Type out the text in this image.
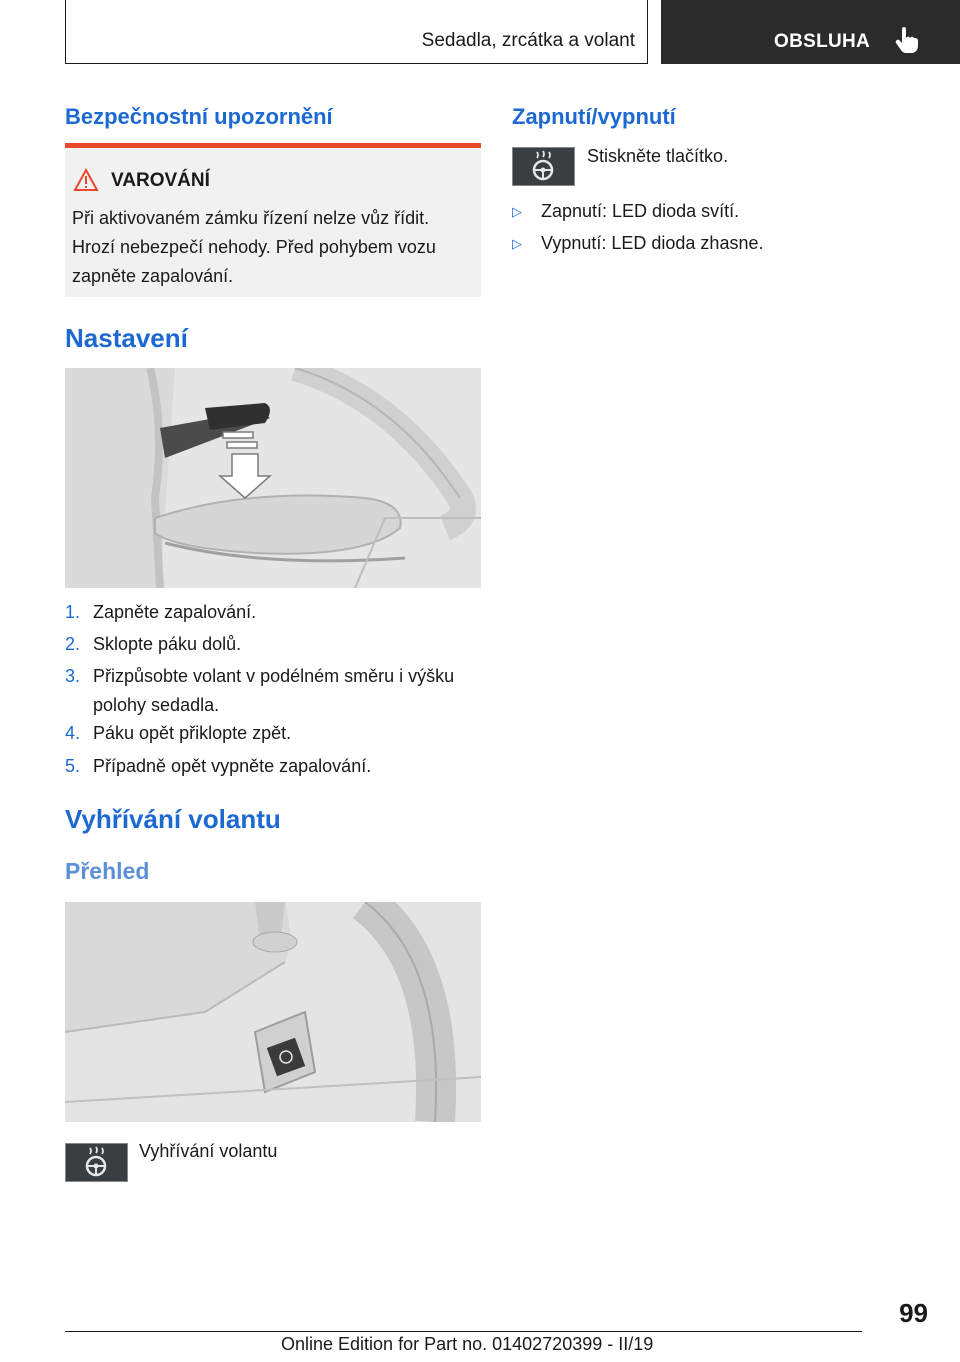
Sedadla, zrcátka a volant	OBSLUHA
Bezpečnostní upozornění
VAROVÁNÍ

Při aktivovaném zámku řízení nelze vůz řídit. Hrozí nebezpečí nehody. Před pohybem vozu zapněte zapalování.

Nastavení
1. Zapněte zapalování.
2. Sklopte páku dolů.
3. Přizpůsobte volant v podélném směru i výšku polohy sedadla.
4. Páku opět přiklopte zpět.
5. Případně opět vypněte zapalování.
Vyhřívání volantu
Přehled
Vyhřívání volantu
Zapnutí/vypnutí
Stiskněte tlačítko.
▷ Zapnutí: LED dioda svítí.
▷ Vypnutí: LED dioda zhasne.
99
Online Edition for Part no. 01402720399 - II/19
